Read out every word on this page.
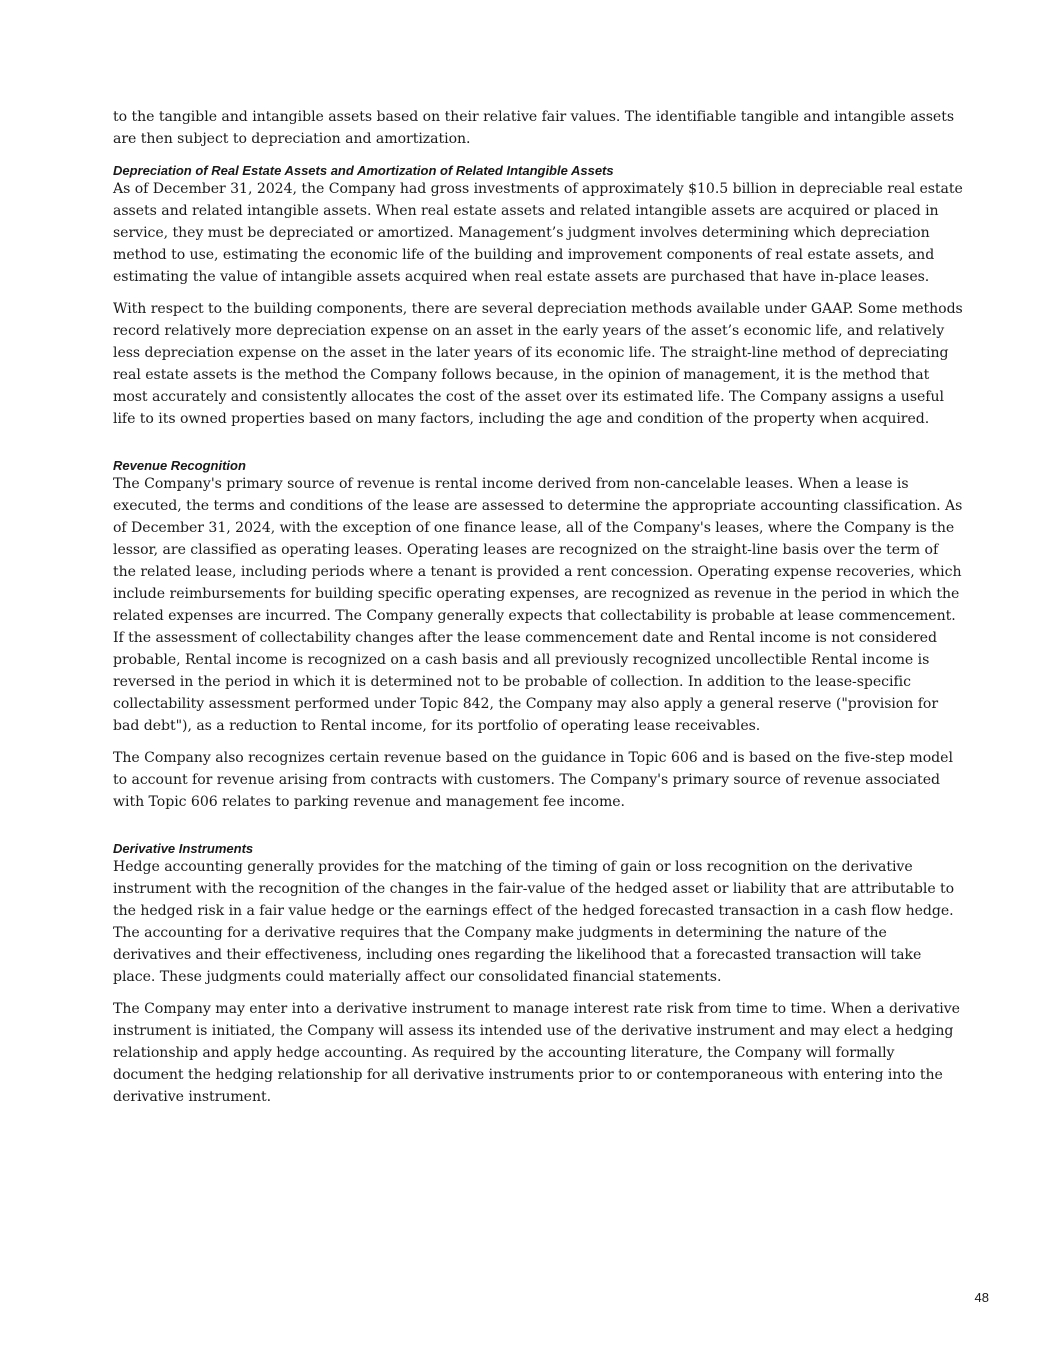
to the tangible and intangible assets based on their relative fair values. The identifiable tangible and intangible assets are then subject to depreciation and amortization.

Depreciation of Real Estate Assets and Amortization of Related Intangible Assets

As of December 31, 2024, the Company had gross investments of approximately $10.5 billion in depreciable real estate assets and related intangible assets. When real estate assets and related intangible assets are acquired or placed in service, they must be depreciated or amortized. Management’s judgment involves determining which depreciation method to use, estimating the economic life of the building and improvement components of real estate assets, and estimating the value of intangible assets acquired when real estate assets are purchased that have in-place leases.

With respect to the building components, there are several depreciation methods available under GAAP. Some methods record relatively more depreciation expense on an asset in the early years of the asset’s economic life, and relatively less depreciation expense on the asset in the later years of its economic life. The straight-line method of depreciating real estate assets is the method the Company follows because, in the opinion of management, it is the method that most accurately and consistently allocates the cost of the asset over its estimated life. The Company assigns a useful life to its owned properties based on many factors, including the age and condition of the property when acquired.

Revenue Recognition

The Company's primary source of revenue is rental income derived from non-cancelable leases. When a lease is executed, the terms and conditions of the lease are assessed to determine the appropriate accounting classification. As of December 31, 2024, with the exception of one finance lease, all of the Company's leases, where the Company is the lessor, are classified as operating leases. Operating leases are recognized on the straight-line basis over the term of the related lease, including periods where a tenant is provided a rent concession. Operating expense recoveries, which include reimbursements for building specific operating expenses, are recognized as revenue in the period in which the related expenses are incurred. The Company generally expects that collectability is probable at lease commencement. If the assessment of collectability changes after the lease commencement date and Rental income is not considered probable, Rental income is recognized on a cash basis and all previously recognized uncollectible Rental income is reversed in the period in which it is determined not to be probable of collection. In addition to the lease-specific collectability assessment performed under Topic 842, the Company may also apply a general reserve ("provision for bad debt"), as a reduction to Rental income, for its portfolio of operating lease receivables.

The Company also recognizes certain revenue based on the guidance in Topic 606 and is based on the five-step model to account for revenue arising from contracts with customers. The Company's primary source of revenue associated with Topic 606 relates to parking revenue and management fee income.

Derivative Instruments

Hedge accounting generally provides for the matching of the timing of gain or loss recognition on the derivative instrument with the recognition of the changes in the fair-value of the hedged asset or liability that are attributable to the hedged risk in a fair value hedge or the earnings effect of the hedged forecasted transaction in a cash flow hedge. The accounting for a derivative requires that the Company make judgments in determining the nature of the derivatives and their effectiveness, including ones regarding the likelihood that a forecasted transaction will take place. These judgments could materially affect our consolidated financial statements.

The Company may enter into a derivative instrument to manage interest rate risk from time to time. When a derivative instrument is initiated, the Company will assess its intended use of the derivative instrument and may elect a hedging relationship and apply hedge accounting. As required by the accounting literature, the Company will formally document the hedging relationship for all derivative instruments prior to or contemporaneous with entering into the derivative instrument.

48
